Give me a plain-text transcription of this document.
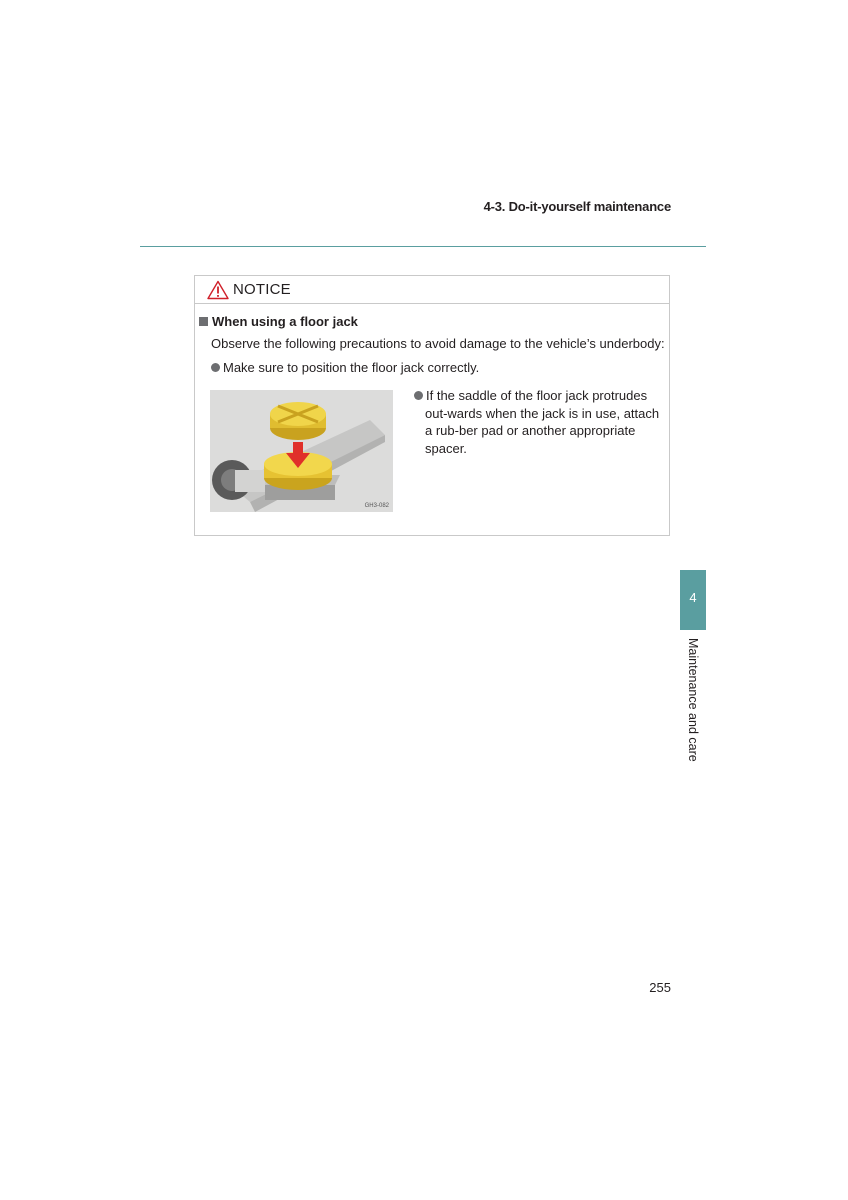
4-3. Do-it-yourself maintenance
NOTICE
When using a floor jack
Observe the following precautions to avoid damage to the vehicle’s underbody:
Make sure to position the floor jack correctly.
GH3-082
If the saddle of the floor jack protrudes out-wards when the jack is in use, attach a rub-ber pad or another appropriate spacer.
4
Maintenance and care
255
